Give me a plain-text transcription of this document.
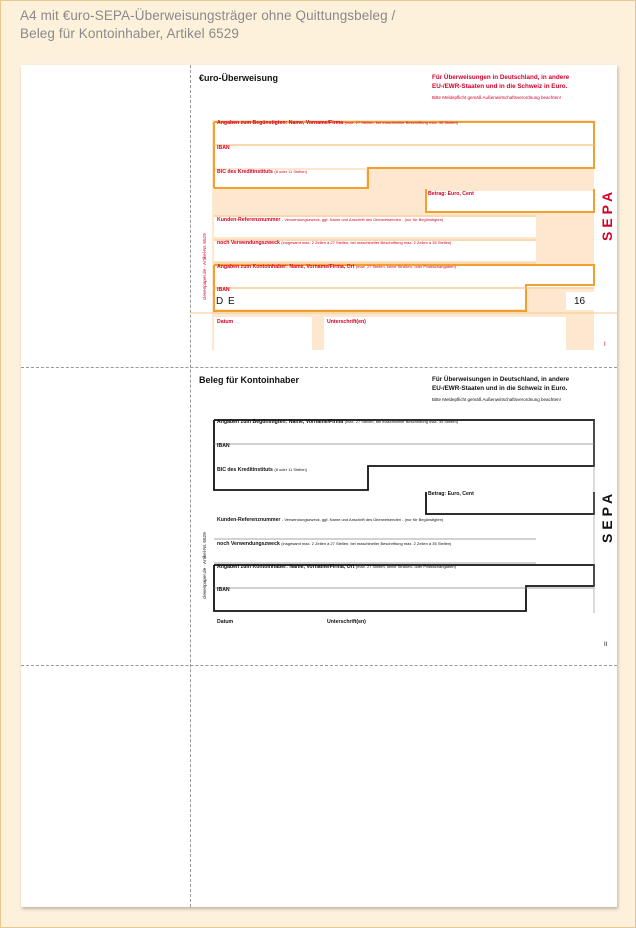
A4 mit €uro-SEPA-Überweisungsträger ohne Quittungsbeleg /
Beleg für Kontoinhaber, Artikel 6529
€uro-Überweisung	Für Überweisungen in Deutschland, in andere
EU-/EWR-Staaten und in die Schweiz in Euro.
Bitte Meldepflicht gemäß Außenwirtschaftsverordnung beachten!
Angaben zum Begünstigten: Name, Vorname/Firma (max. 27 Stellen, bei maschineller Beschriftung max. 35 Stellen)
IBAN
BIC des Kreditinstituts (8 oder 11 Stellen)
Betrag: Euro, Cent
Kunden-Referenznummer - Verwendungszweck, ggf. Name und Anschrift des Überweisenden - (nur für Begünstigten)
noch Verwendungszweck (insgesamt max. 2 Zeilen à 27 Stellen, bei maschineller Beschriftung max. 2 Zeilen à 35 Stellen)
Angaben zum Kontoinhaber: Name, Vorname/Firma, Ort (max. 27 Stellen, keine Straßen- oder Postfachangaben)
IBAN
D E	16
Datum	Unterschrift(en)
SEPA
clevenpaper.de · Artikel-Nr. 6529
I
Beleg für Kontoinhaber	Für Überweisungen in Deutschland, in andere
EU-/EWR-Staaten und in die Schweiz in Euro.
Bitte Meldepflicht gemäß Außenwirtschaftsverordnung beachten!
Angaben zum Begünstigten: Name, Vorname/Firma (max. 27 Stellen, bei maschineller Beschriftung max. 35 Stellen)
IBAN
BIC des Kreditinstituts (8 oder 11 Stellen)
Betrag: Euro, Cent
Kunden-Referenznummer - Verwendungszweck, ggf. Name und Anschrift des Überweisenden - (nur für Begünstigten)
noch Verwendungszweck (insgesamt max. 2 Zeilen à 27 Stellen, bei maschineller Beschriftung max. 2 Zeilen à 35 Stellen)
Angaben zum Kontoinhaber: Name, Vorname/Firma, Ort (max. 27 Stellen, keine Straßen- oder Postfachangaben)
IBAN
Datum	Unterschrift(en)
SEPA
clevenpaper.de · Artikel-Nr. 6529
II
